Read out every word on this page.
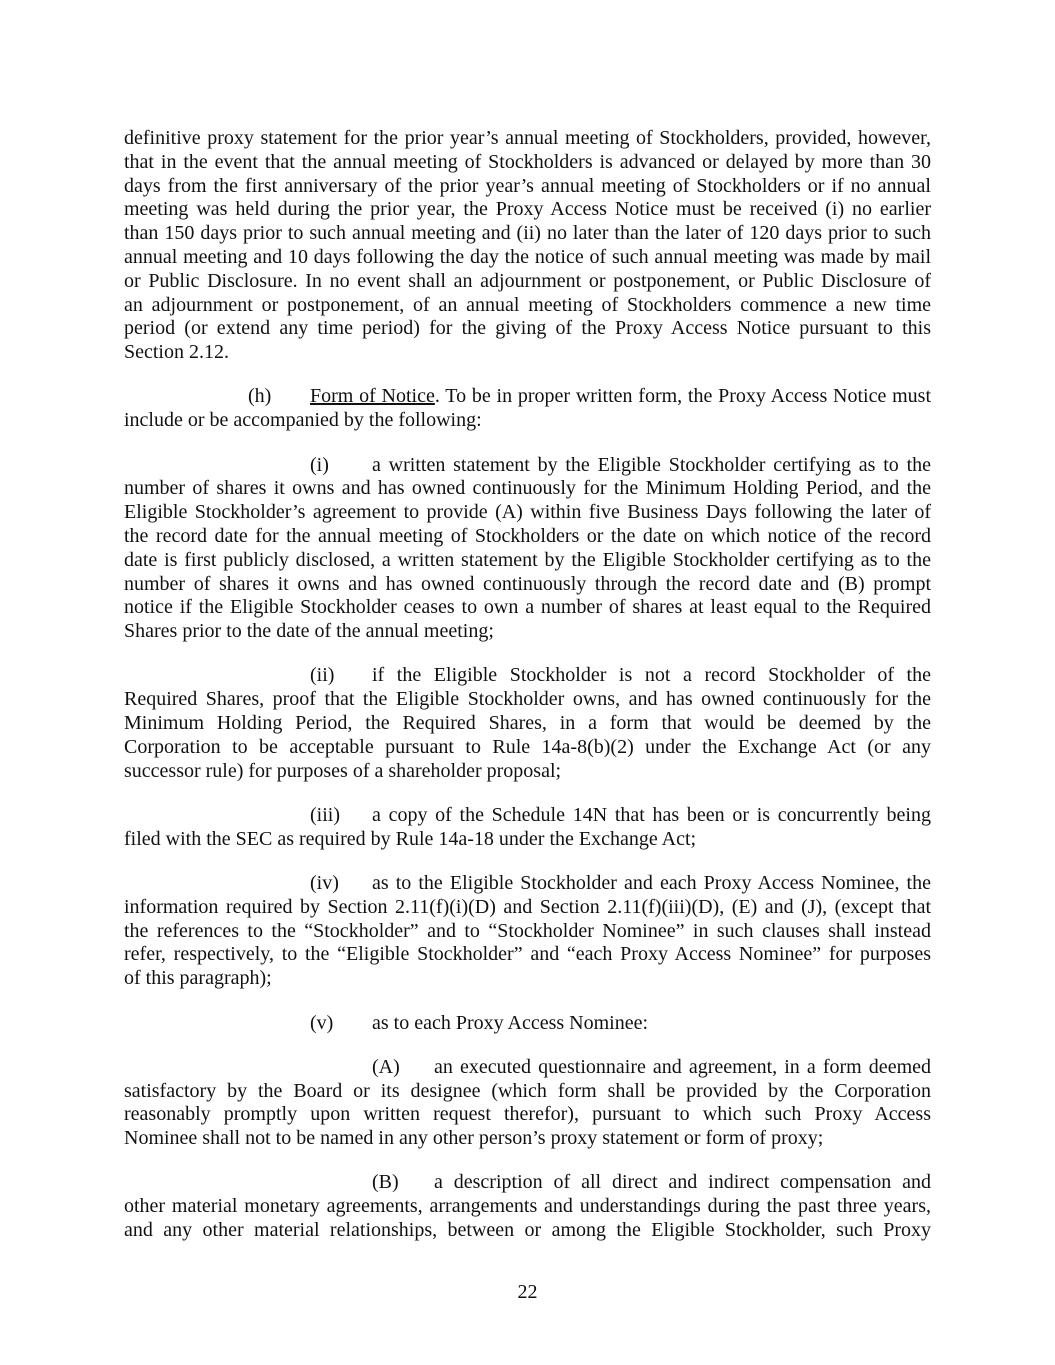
definitive proxy statement for the prior year’s annual meeting of Stockholders, provided, however,
that in the event that the annual meeting of Stockholders is advanced or delayed by more than 30
days from the first anniversary of the prior year’s annual meeting of Stockholders or if no annual
meeting was held during the prior year, the Proxy Access Notice must be received (i) no earlier
than 150 days prior to such annual meeting and (ii) no later than the later of 120 days prior to such
annual meeting and 10 days following the day the notice of such annual meeting was made by mail
or Public Disclosure. In no event shall an adjournment or postponement, or Public Disclosure of
an adjournment or postponement, of an annual meeting of Stockholders commence a new time
period (or extend any time period) for the giving of the Proxy Access Notice pursuant to this
Section 2.12.
(h) Form of Notice. To be in proper written form, the Proxy Access Notice must
include or be accompanied by the following:
(i) a written statement by the Eligible Stockholder certifying as to the
number of shares it owns and has owned continuously for the Minimum Holding Period, and the
Eligible Stockholder’s agreement to provide (A) within five Business Days following the later of
the record date for the annual meeting of Stockholders or the date on which notice of the record
date is first publicly disclosed, a written statement by the Eligible Stockholder certifying as to the
number of shares it owns and has owned continuously through the record date and (B) prompt
notice if the Eligible Stockholder ceases to own a number of shares at least equal to the Required
Shares prior to the date of the annual meeting;
(ii) if the Eligible Stockholder is not a record Stockholder of the
Required Shares, proof that the Eligible Stockholder owns, and has owned continuously for the
Minimum Holding Period, the Required Shares, in a form that would be deemed by the
Corporation to be acceptable pursuant to Rule 14a-8(b)(2) under the Exchange Act (or any
successor rule) for purposes of a shareholder proposal;
(iii) a copy of the Schedule 14N that has been or is concurrently being
filed with the SEC as required by Rule 14a-18 under the Exchange Act;
(iv) as to the Eligible Stockholder and each Proxy Access Nominee, the
information required by Section 2.11(f)(i)(D) and Section 2.11(f)(iii)(D), (E) and (J), (except that
the references to the “Stockholder” and to “Stockholder Nominee” in such clauses shall instead
refer, respectively, to the “Eligible Stockholder” and “each Proxy Access Nominee” for purposes
of this paragraph);
(v) as to each Proxy Access Nominee:
(A) an executed questionnaire and agreement, in a form deemed
satisfactory by the Board or its designee (which form shall be provided by the Corporation
reasonably promptly upon written request therefor), pursuant to which such Proxy Access
Nominee shall not to be named in any other person’s proxy statement or form of proxy;
(B) a description of all direct and indirect compensation and
other material monetary agreements, arrangements and understandings during the past three years,
and any other material relationships, between or among the Eligible Stockholder, such Proxy
22
